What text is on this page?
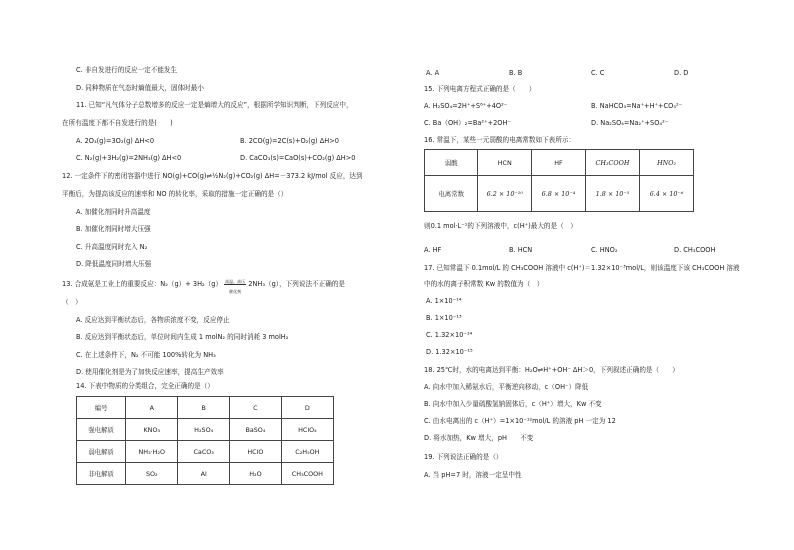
C. 非自发进行的反应一定不能发生
D. 同种物质在气态时熵值最大，固体时最小
11. 已知“凡气体分子总数增多的反应一定是熵增大的反应”，根据所学知识判断，下列反应中，
在所有温度下都不自发进行的是(　　)
A. 2O₃(g)=3O₂(g) ΔH<0	B. 2CO(g)=2C(s)+O₂(g) ΔH>0
C. N₂(g)+3H₂(g)=2NH₃(g) ΔH<0	D. CaCO₃(s)=CaO(s)+CO₂(g) ΔH>0
12. 一定条件下的密闭容器中进行 NO(g)+CO(g)⇌½N₂(g)+CO₂(g) ΔH=－373.2 kJ/mol 反应，达到
平衡后，为提高该反应的速率和 NO 的转化率，采取的措施一定正确的是（）
A. 加催化剂同时升高温度
B. 加催化剂同时增大压强
C. 升高温度同时充入 N₂
D. 降低温度同时增大压强
13. 合成氨是工业上的重要反应：N₂（g）+ 3H₂（g） 高温、高压
催化剂
2NH₃（g），下列说法不正确的是
（　）
A. 反应达到平衡状态后，各物质浓度不变，反应停止
B. 反应达到平衡状态后，单位时间内生成 1 molN₂ 的同时消耗 3 molH₂
C. 在上述条件下，N₂ 不可能 100%转化为 NH₃
D. 使用催化剂是为了加快反应速率，提高生产效率
14. 下表中物质的分类组合，完全正确的是（）
编号	A	B	C	D
强电解质	KNO₃	H₂SO₄	BaSO₄	HClO₄
弱电解质	NH₃·H₂O	CaCO₃	HClO	C₂H₅OH
非电解质	SO₂	Al	H₂O	CH₃COOH
A. A	B. B	C. C	D. D
15. 下列电离方程式正确的是（　　）
A. H₂SO₄=2H⁺+S⁶⁺+4O²⁻	B. NaHCO₃=Na⁺+H⁺+CO₃²⁻
C. Ba（OH）₂=Ba²⁺+2OH⁻	D. Na₂SO₄=Na₂⁺+SO₄²⁻
16. 常温下，某些一元弱酸的电离常数如下表所示：
弱酸	HCN	HF	CH₃COOH	HNO₂
电离常数	6.2 × 10⁻¹⁰	6.8 × 10⁻⁴	1.8 × 10⁻⁵	6.4 × 10⁻⁶
则0.1 mol·L⁻¹的下列溶液中，c(H⁺)最大的是（　）
A. HF	B. HCN	C. HNO₂	D. CH₃COOH
17. 已知常温下 0.1mol/L 的 CH₃COOH 溶液中 c(H⁺)＝1.32×10⁻³mol/L，则该温度下该 CH₃COOH 溶液
中的水的离子积常数 Kw 的数值为（　）
A. 1×10⁻¹⁴
B. 1×10⁻¹³
C. 1.32×10⁻¹⁴
D. 1.32×10⁻¹⁵
18. 25℃时，水的电离达到平衡：H₂O⇌H⁺+OH⁻ ΔH＞0，下列叙述正确的是（　　）
A. 向水中加入稀氨水后，平衡逆向移动，c（OH⁻）降低
B. 向水中加入少量硫酸氢钠固体后，c（H⁺）增大，Kw 不变
C. 由水电离出的 c（H⁺）=1×10⁻¹²mol/L 的溶液 pH 一定为 12
D. 将水加热，Kw 增大，pH　　不变
19. 下列说法正确的是（）
A. 当 pH=7 时，溶液一定呈中性
